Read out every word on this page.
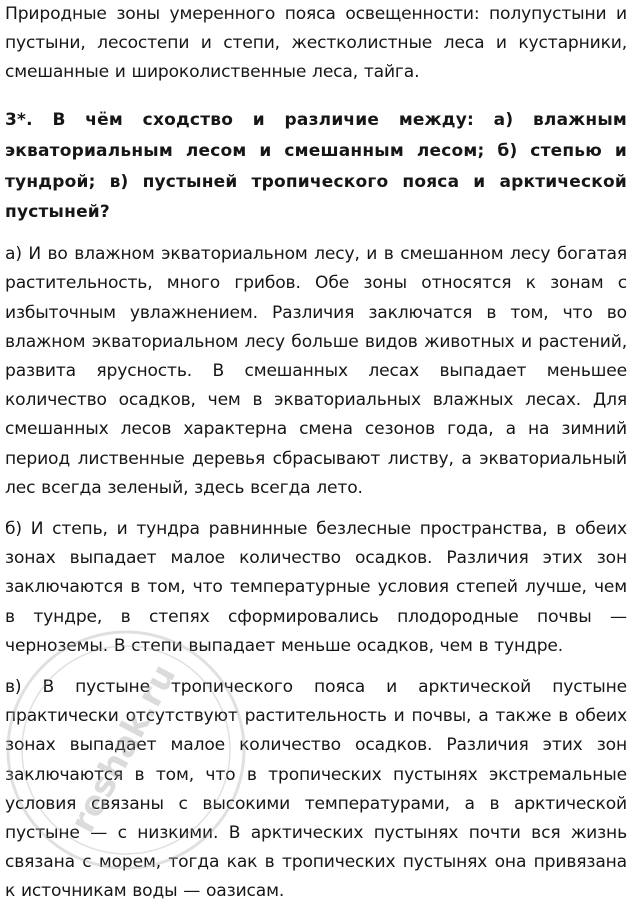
Природные зоны умеренного пояса освещенности: полупустыни и пустыни, лесостепи и степи, жестколистные леса и кустарники, смешанные и широколиственные леса, тайга.

3*. В чём сходство и различие между: а) влажным экваториальным лесом и смешанным лесом; б) степью и тундрой; в) пустыней тропического пояса и арктической пустыней?

а) И во влажном экваториальном лесу, и в смешанном лесу богатая растительность, много грибов. Обе зоны относятся к зонам с избыточным увлажнением. Различия заключатся в том, что во влажном экваториальном лесу больше видов животных и растений, развита ярусность. В смешанных лесах выпадает меньшее количество осадков, чем в экваториальных влажных лесах. Для смешанных лесов характерна смена сезонов года, а на зимний период лиственные деревья сбрасывают листву, а экваториальный лес всегда зеленый, здесь всегда лето.

б) И степь, и тундра равнинные безлесные пространства, в обеих зонах выпадает малое количество осадков. Различия этих зон заключаются в том, что температурные условия степей лучше, чем в тундре, в степях сформировались плодородные почвы — черноземы. В степи выпадает меньше осадков, чем в тундре.

в) В пустыне тропического пояса и арктической пустыне практически отсутствуют растительность и почвы, а также в обеих зонах выпадает малое количество осадков. Различия этих зон заключаются в том, что в тропических пустынях экстремальные условия связаны с высокими температурами, а в арктической пустыне — с низкими. В арктических пустынях почти вся жизнь связана с морем, тогда как в тропических пустынях она привязана к источникам воды — оазисам.

reshak.ru
